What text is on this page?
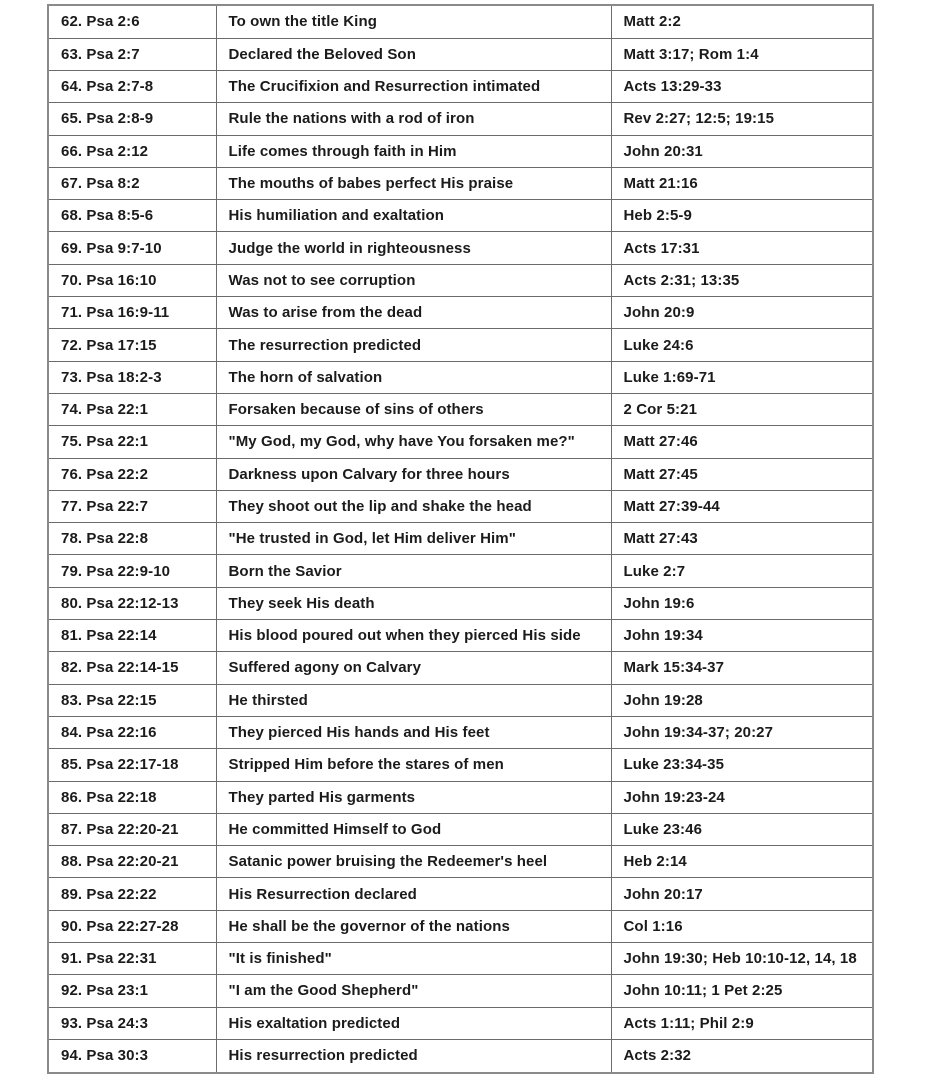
62. Psa 2:6	To own the title King	Matt 2:2
63. Psa 2:7	Declared the Beloved Son	Matt 3:17; Rom 1:4
64. Psa 2:7-8	The Crucifixion and Resurrection intimated	Acts 13:29-33
65. Psa 2:8-9	Rule the nations with a rod of iron	Rev 2:27; 12:5; 19:15
66. Psa 2:12	Life comes through faith in Him	John 20:31
67. Psa 8:2	The mouths of babes perfect His praise	Matt 21:16
68. Psa 8:5-6	His humiliation and exaltation	Heb 2:5-9
69. Psa 9:7-10	Judge the world in righteousness	Acts 17:31
70. Psa 16:10	Was not to see corruption	Acts 2:31; 13:35
71. Psa 16:9-11	Was to arise from the dead	John 20:9
72. Psa 17:15	The resurrection predicted	Luke 24:6
73. Psa 18:2-3	The horn of salvation	Luke 1:69-71
74. Psa 22:1	Forsaken because of sins of others	2 Cor 5:21
75. Psa 22:1	"My God, my God, why have You forsaken me?"	Matt 27:46
76. Psa 22:2	Darkness upon Calvary for three hours	Matt 27:45
77. Psa 22:7	They shoot out the lip and shake the head	Matt 27:39-44
78. Psa 22:8	"He trusted in God, let Him deliver Him"	Matt 27:43
79. Psa 22:9-10	Born the Savior	Luke 2:7
80. Psa 22:12-13	They seek His death	John 19:6
81. Psa 22:14	His blood poured out when they pierced His side	John 19:34
82. Psa 22:14-15	Suffered agony on Calvary	Mark 15:34-37
83. Psa 22:15	He thirsted	John 19:28
84. Psa 22:16	They pierced His hands and His feet	John 19:34-37; 20:27
85. Psa 22:17-18	Stripped Him before the stares of men	Luke 23:34-35
86. Psa 22:18	They parted His garments	John 19:23-24
87. Psa 22:20-21	He committed Himself to God	Luke 23:46
88. Psa 22:20-21	Satanic power bruising the Redeemer's heel	Heb 2:14
89. Psa 22:22	His Resurrection declared	John 20:17
90. Psa 22:27-28	He shall be the governor of the nations	Col 1:16
91. Psa 22:31	"It is finished"	John 19:30; Heb 10:10-12, 14, 18
92. Psa 23:1	"I am the Good Shepherd"	John 10:11; 1 Pet 2:25
93. Psa 24:3	His exaltation predicted	Acts 1:11; Phil 2:9
94. Psa 30:3	His resurrection predicted	Acts 2:32
